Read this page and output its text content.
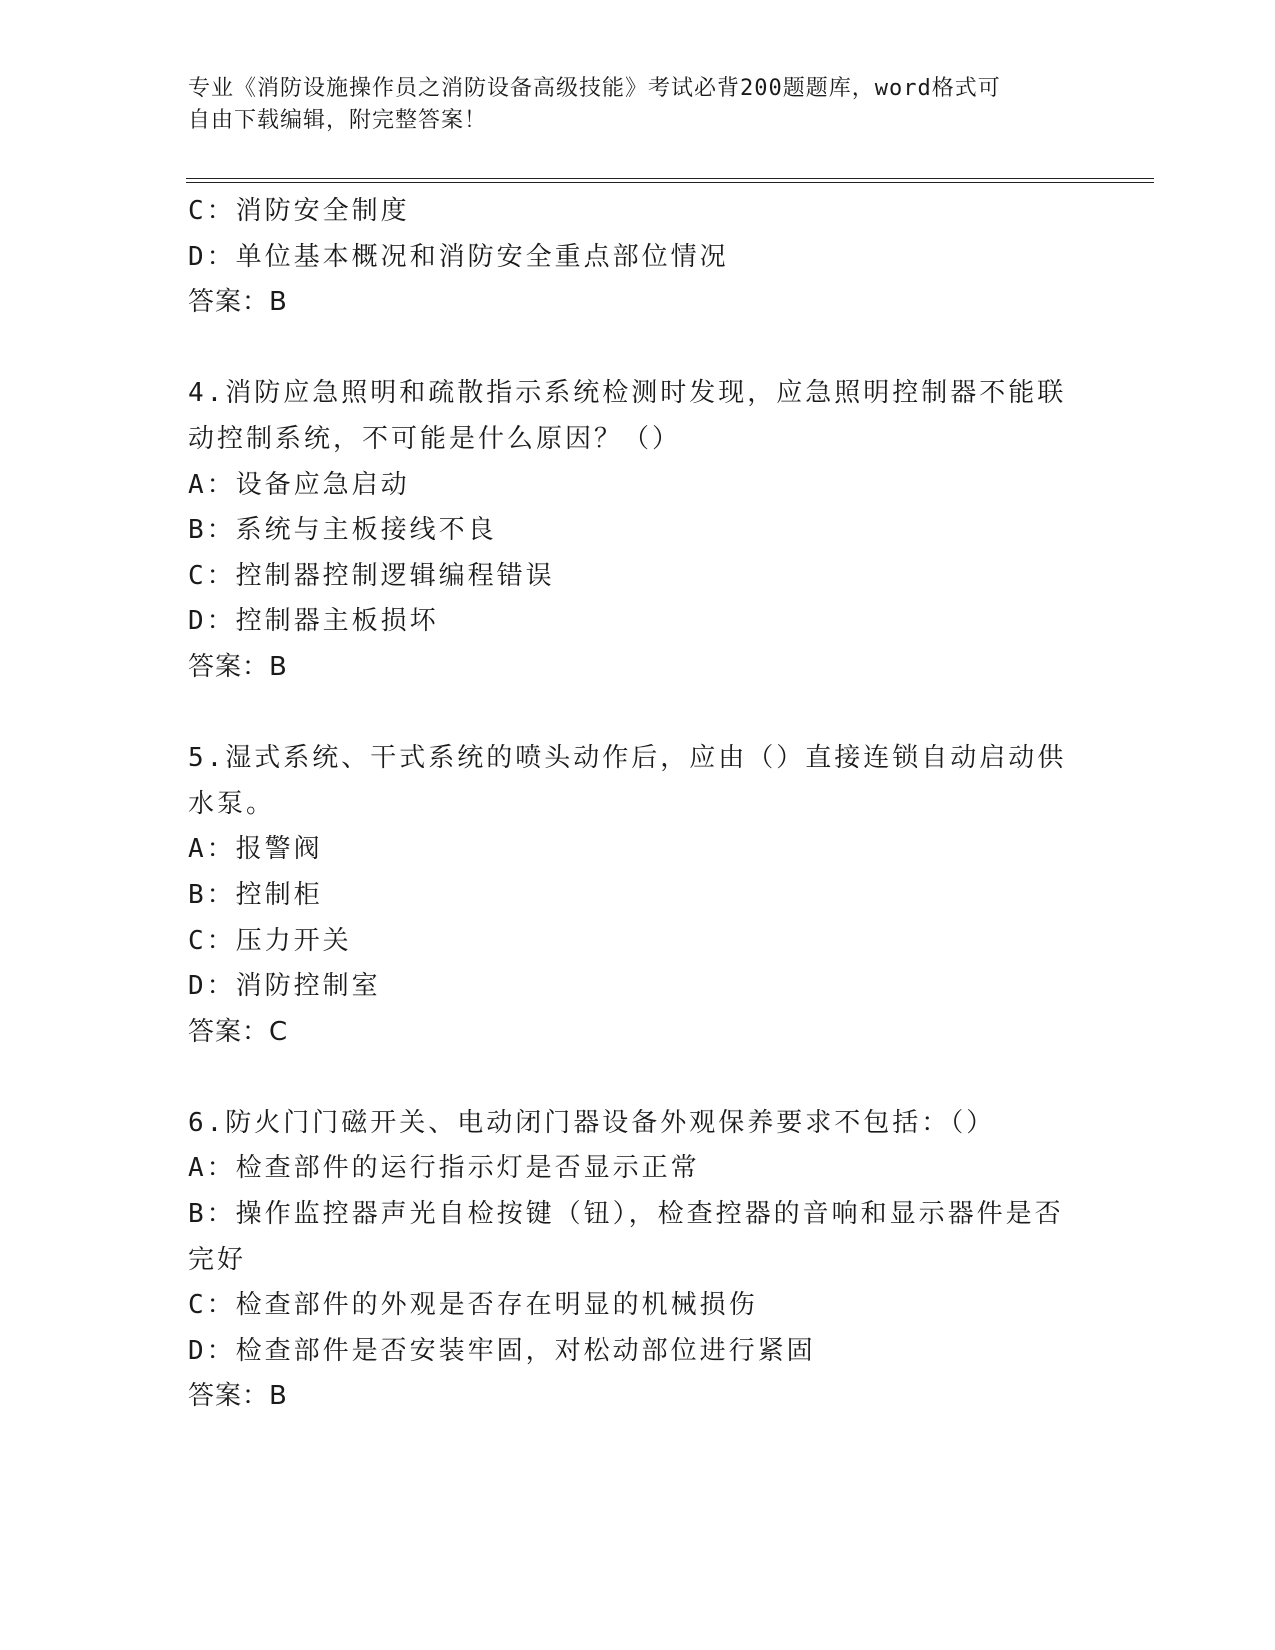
专业《消防设施操作员之消防设备高级技能》考试必背200题题库，word格式可
自由下载编辑，附完整答案！
C：消防安全制度
D：单位基本概况和消防安全重点部位情况
答案：B
4.消防应急照明和疏散指示系统检测时发现，应急照明控制器不能联
动控制系统，不可能是什么原因？（）
A：设备应急启动
B：系统与主板接线不良
C：控制器控制逻辑编程错误
D：控制器主板损坏
答案：B
5.湿式系统、干式系统的喷头动作后，应由（）直接连锁自动启动供
水泵。
A：报警阀
B：控制柜
C：压力开关
D：消防控制室
答案：C
6.防火门门磁开关、电动闭门器设备外观保养要求不包括：（）
A：检查部件的运行指示灯是否显示正常
B：操作监控器声光自检按键（钮），检查控器的音响和显示器件是否
完好
C：检查部件的外观是否存在明显的机械损伤
D：检查部件是否安装牢固，对松动部位进行紧固
答案：B
